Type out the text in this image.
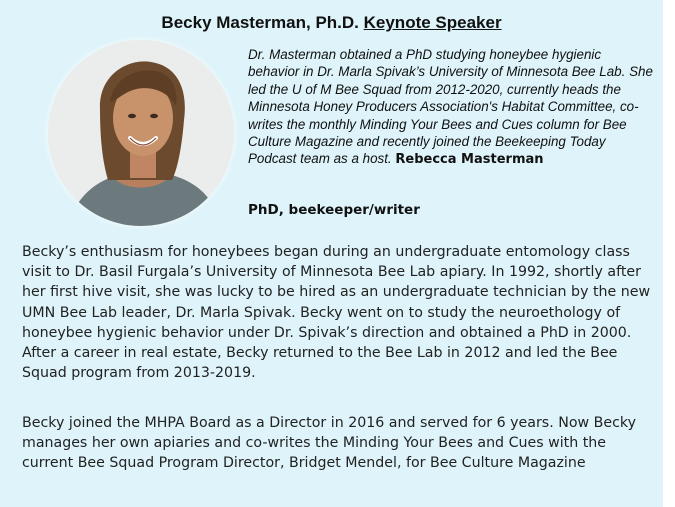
Becky Masterman, Ph.D. Keynote Speaker
Dr. Masterman obtained a PhD studying honeybee hygienic behavior in Dr. Marla Spivak’s University of Minnesota Bee Lab. She led the U of M Bee Squad from 2012-2020, currently heads the Minnesota Honey Producers Association's Habitat Committee, co-writes the monthly Minding Your Bees and Cues column for Bee Culture Magazine and recently joined the Beekeeping Today Podcast team as a host. Rebecca Masterman
PhD, beekeeper/writer

Becky’s enthusiasm for honeybees began during an undergraduate entomology class visit to Dr. Basil Furgala’s University of Minnesota Bee Lab apiary. In 1992, shortly after her first hive visit, she was lucky to be hired as an undergraduate technician by the new UMN Bee Lab leader, Dr. Marla Spivak. Becky went on to study the neuroethology of honeybee hygienic behavior under Dr. Spivak’s direction and obtained a PhD in 2000. After a career in real estate, Becky returned to the Bee Lab in 2012 and led the Bee Squad program from 2013-2019.

Becky joined the MHPA Board as a Director in 2016 and served for 6 years. Now Becky manages her own apiaries and co-writes the Minding Your Bees and Cues with the current Bee Squad Program Director, Bridget Mendel, for Bee Culture Magazine
